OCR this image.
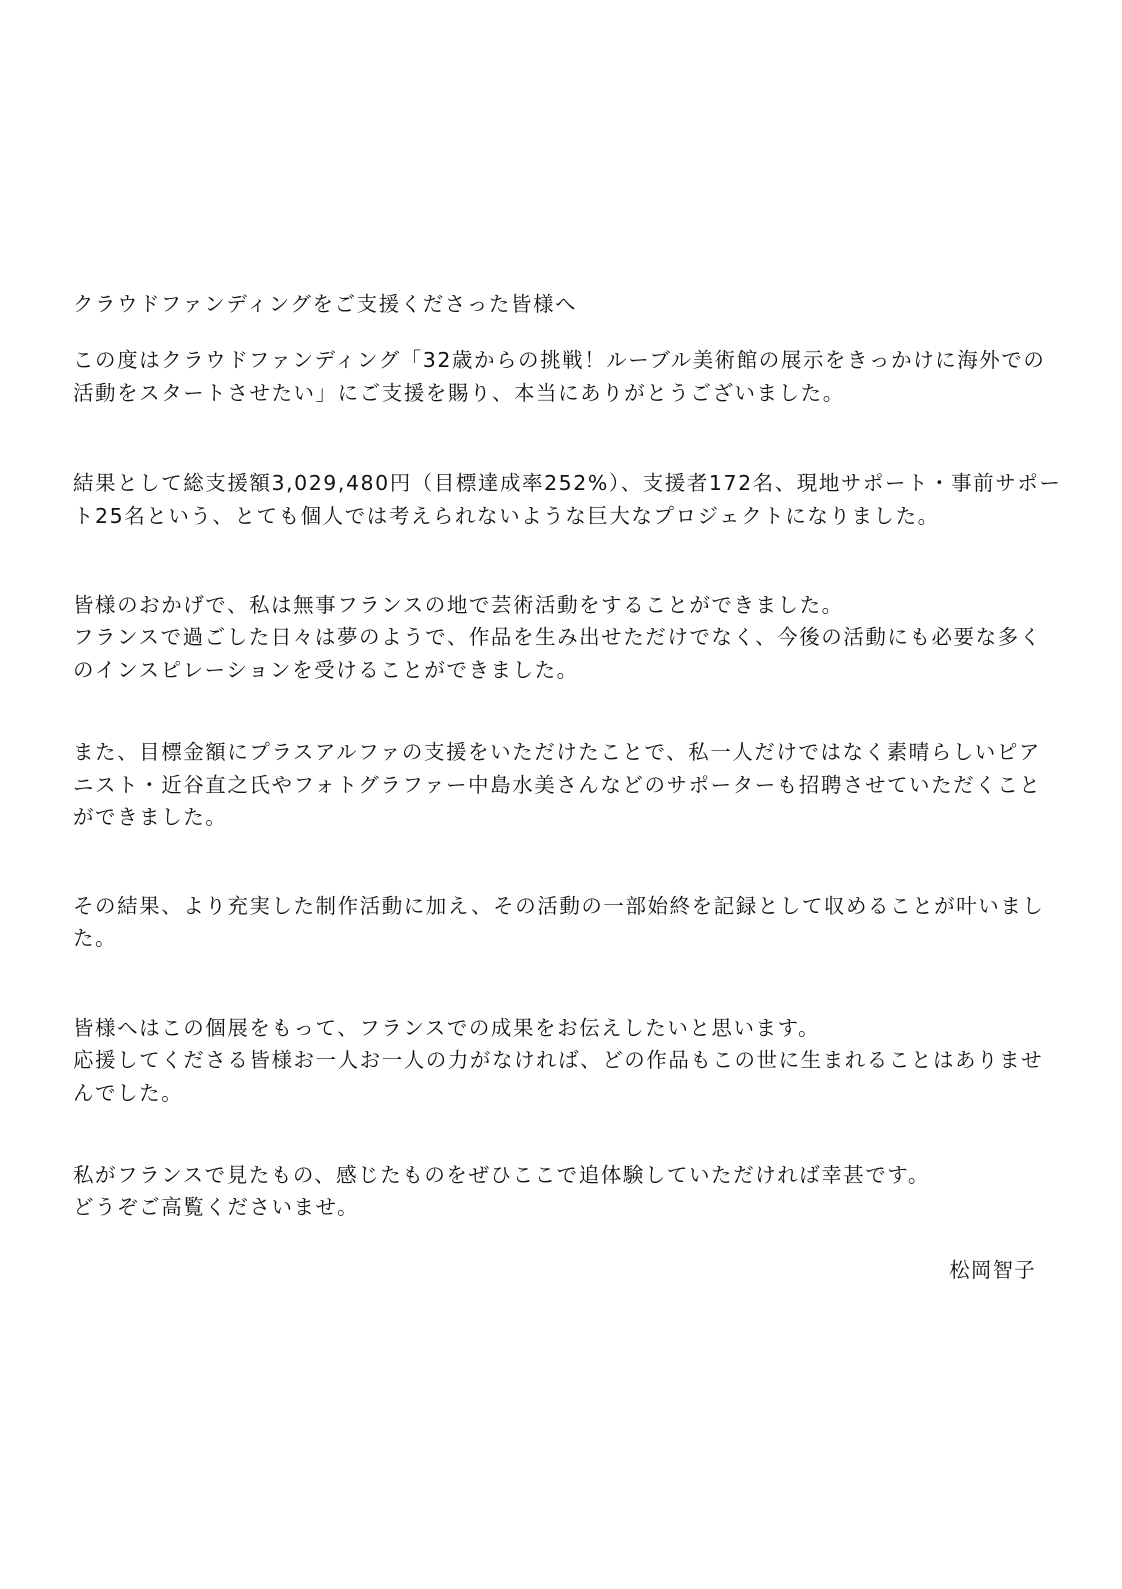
クラウドファンディングをご支援くださった皆様へ

この度はクラウドファンディング「32歳からの挑戦！ルーブル美術館の展示をきっかけに海外での

活動をスタートさせたい」にご支援を賜り、本当にありがとうございました。

結果として総支援額3,029,480円（目標達成率252%）、支援者172名、現地サポート・事前サポー

ト25名という、とても個人では考えられないような巨大なプロジェクトになりました。

皆様のおかげで、私は無事フランスの地で芸術活動をすることができました。

フランスで過ごした日々は夢のようで、作品を生み出せただけでなく、今後の活動にも必要な多く

のインスピレーションを受けることができました。

また、目標金額にプラスアルファの支援をいただけたことで、私一人だけではなく素晴らしいピア

ニスト・近谷直之氏やフォトグラファー中島水美さんなどのサポーターも招聘させていただくこと

ができました。

その結果、より充実した制作活動に加え、その活動の一部始終を記録として収めることが叶いまし

た。

皆様へはこの個展をもって、フランスでの成果をお伝えしたいと思います。

応援してくださる皆様お一人お一人の力がなければ、どの作品もこの世に生まれることはありませ

んでした。

私がフランスで見たもの、感じたものをぜひここで追体験していただければ幸甚です。

どうぞご高覧くださいませ。

松岡智子
